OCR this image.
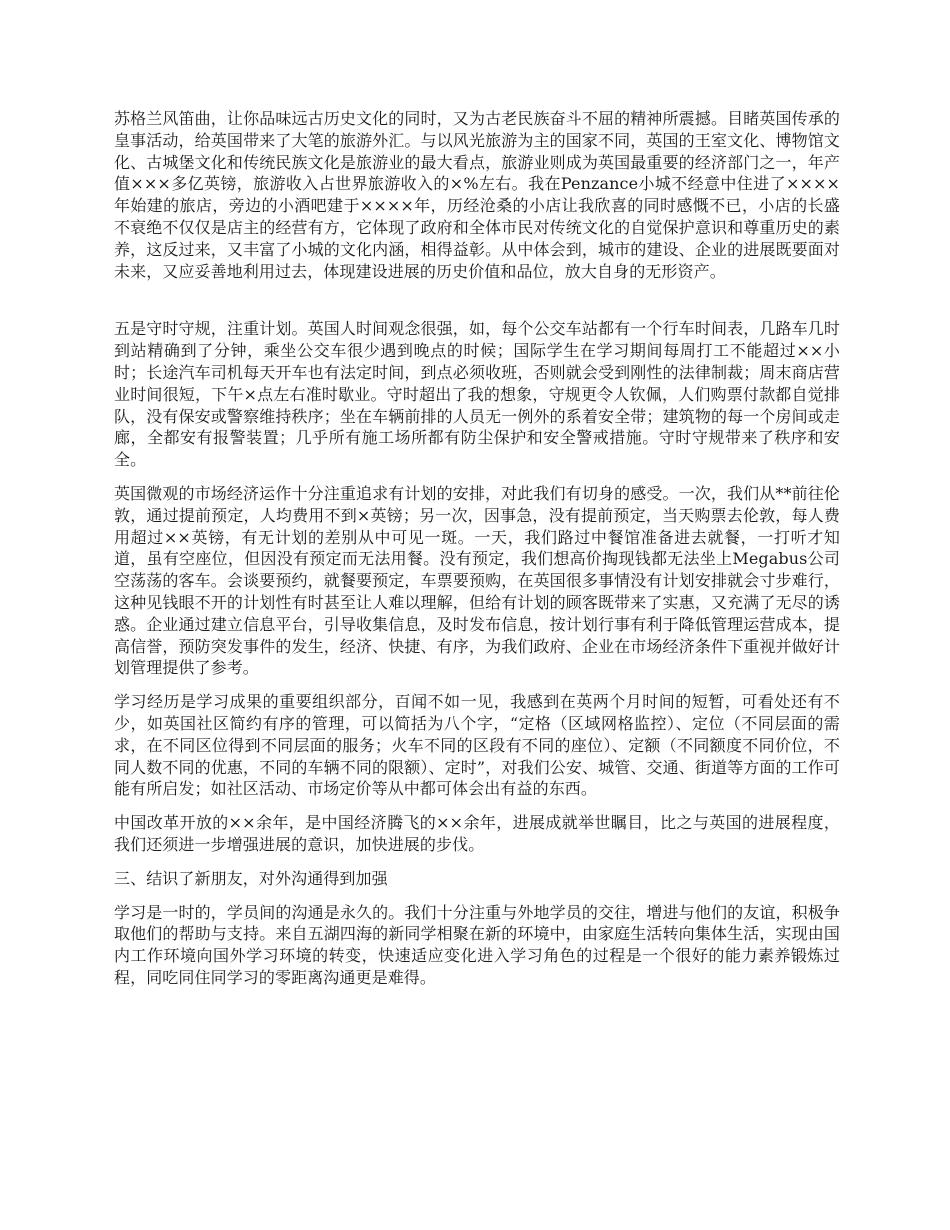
苏格兰风笛曲，让你品味远古历史文化的同时，又为古老民族奋斗不屈的精神所震撼。目睹英国传承的皇事活动，给英国带来了大笔的旅游外汇。与以风光旅游为主的国家不同，英国的王室文化、博物馆文化、古城堡文化和传统民族文化是旅游业的最大看点，旅游业则成为英国最重要的经济部门之一，年产值×××多亿英镑，旅游收入占世界旅游收入的×%左右。我在Penzance小城不经意中住进了××××年始建的旅店，旁边的小酒吧建于××××年，历经沧桑的小店让我欣喜的同时感慨不已，小店的长盛不衰绝不仅仅是店主的经营有方，它体现了政府和全体市民对传统文化的自觉保护意识和尊重历史的素养，这反过来，又丰富了小城的文化内涵，相得益彰。从中体会到，城市的建设、企业的进展既要面对未来，又应妥善地利用过去，体现建设进展的历史价值和品位，放大自身的无形资产。

五是守时守规，注重计划。英国人时间观念很强，如，每个公交车站都有一个行车时间表，几路车几时到站精确到了分钟，乘坐公交车很少遇到晚点的时候；国际学生在学习期间每周打工不能超过××小时；长途汽车司机每天开车也有法定时间，到点必须收班，否则就会受到刚性的法律制裁；周末商店营业时间很短，下午×点左右准时歇业。守时超出了我的想象，守规更令人钦佩，人们购票付款都自觉排队，没有保安或警察维持秩序；坐在车辆前排的人员无一例外的系着安全带；建筑物的每一个房间或走廊，全都安有报警装置；几乎所有施工场所都有防尘保护和安全警戒措施。守时守规带来了秩序和安全。

英国微观的市场经济运作十分注重追求有计划的安排，对此我们有切身的感受。一次，我们从**前往伦敦，通过提前预定，人均费用不到×英镑；另一次，因事急，没有提前预定，当天购票去伦敦，每人费用超过××英镑，有无计划的差别从中可见一斑。一天，我们路过中餐馆准备进去就餐，一打听才知道，虽有空座位，但因没有预定而无法用餐。没有预定，我们想高价掏现钱都无法坐上Megabus公司空荡荡的客车。会谈要预约，就餐要预定，车票要预购，在英国很多事情没有计划安排就会寸步难行，这种见钱眼不开的计划性有时甚至让人难以理解，但给有计划的顾客既带来了实惠，又充满了无尽的诱惑。企业通过建立信息平台，引导收集信息，及时发布信息，按计划行事有利于降低管理运营成本，提高信誉，预防突发事件的发生，经济、快捷、有序，为我们政府、企业在市场经济条件下重视并做好计划管理提供了参考。

学习经历是学习成果的重要组织部分，百闻不如一见，我感到在英两个月时间的短暂，可看处还有不少，如英国社区简约有序的管理，可以简括为八个字，“定格（区域网格监控）、定位（不同层面的需求，在不同区位得到不同层面的服务；火车不同的区段有不同的座位）、定额（不同额度不同价位，不同人数不同的优惠，不同的车辆不同的限额）、定时”，对我们公安、城管、交通、街道等方面的工作可能有所启发；如社区活动、市场定价等从中都可体会出有益的东西。

中国改革开放的××余年，是中国经济腾飞的××余年，进展成就举世瞩目，比之与英国的进展程度，我们还须进一步增强进展的意识，加快进展的步伐。

三、结识了新朋友，对外沟通得到加强

学习是一时的，学员间的沟通是永久的。我们十分注重与外地学员的交往，增进与他们的友谊，积极争取他们的帮助与支持。来自五湖四海的新同学相聚在新的环境中，由家庭生活转向集体生活，实现由国内工作环境向国外学习环境的转变，快速适应变化进入学习角色的过程是一个很好的能力素养锻炼过程，同吃同住同学习的零距离沟通更是难得。
